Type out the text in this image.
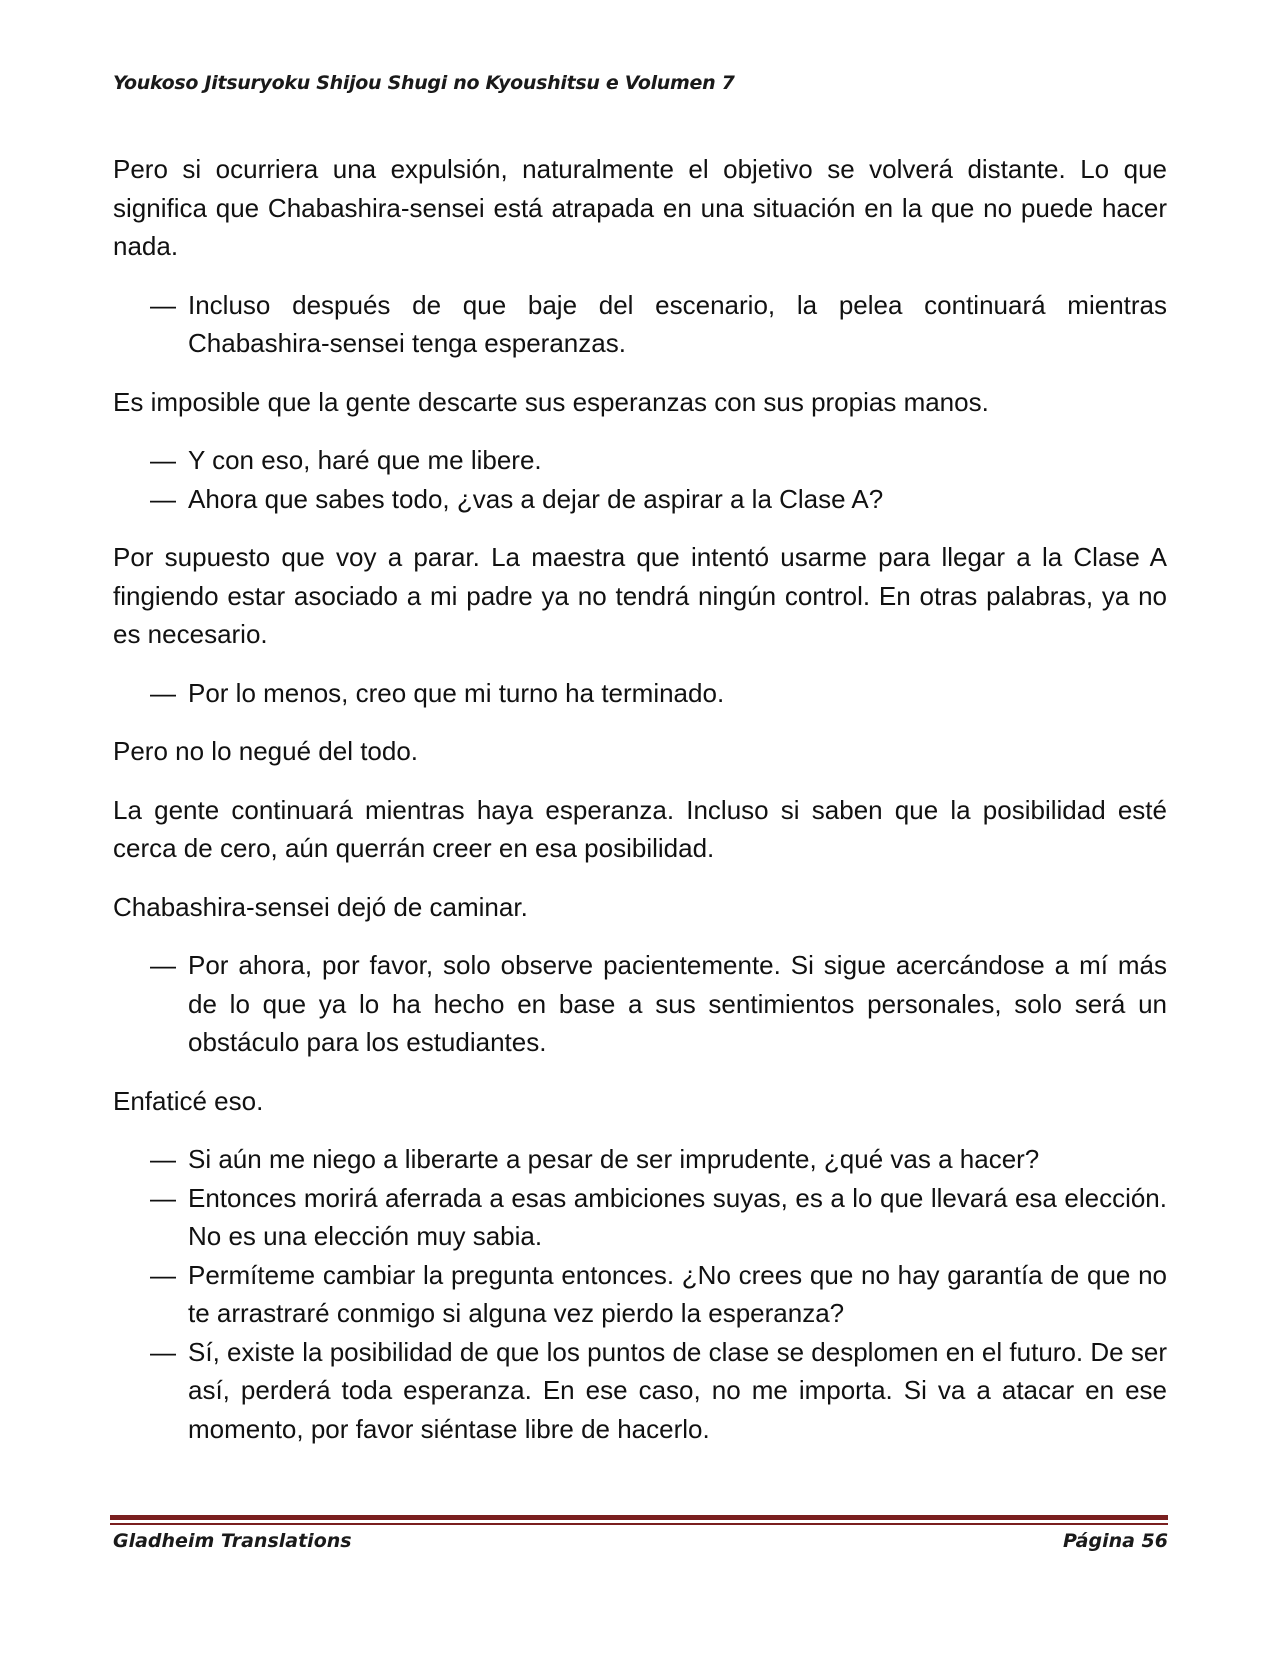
Youkoso Jitsuryoku Shijou Shugi no Kyoushitsu e Volumen 7

Pero si ocurriera una expulsión, naturalmente el objetivo se volverá distante. Lo que significa que Chabashira-sensei está atrapada en una situación en la que no puede hacer nada.

— Incluso después de que baje del escenario, la pelea continuará mientras Chabashira-sensei tenga esperanzas.

Es imposible que la gente descarte sus esperanzas con sus propias manos.

— Y con eso, haré que me libere.

— Ahora que sabes todo, ¿vas a dejar de aspirar a la Clase A?

Por supuesto que voy a parar. La maestra que intentó usarme para llegar a la Clase A fingiendo estar asociado a mi padre ya no tendrá ningún control. En otras palabras, ya no es necesario.

— Por lo menos, creo que mi turno ha terminado.

Pero no lo negué del todo.

La gente continuará mientras haya esperanza. Incluso si saben que la posibilidad esté cerca de cero, aún querrán creer en esa posibilidad.

Chabashira-sensei dejó de caminar.

— Por ahora, por favor, solo observe pacientemente. Si sigue acercándose a mí más de lo que ya lo ha hecho en base a sus sentimientos personales, solo será un obstáculo para los estudiantes.

Enfaticé eso.

— Si aún me niego a liberarte a pesar de ser imprudente, ¿qué vas a hacer?

— Entonces morirá aferrada a esas ambiciones suyas, es a lo que llevará esa elección. No es una elección muy sabia.

— Permíteme cambiar la pregunta entonces. ¿No crees que no hay garantía de que no te arrastraré conmigo si alguna vez pierdo la esperanza?

— Sí, existe la posibilidad de que los puntos de clase se desplomen en el futuro. De ser así, perderá toda esperanza. En ese caso, no me importa. Si va a atacar en ese momento, por favor siéntase libre de hacerlo.

Gladheim Translations	Página 56
